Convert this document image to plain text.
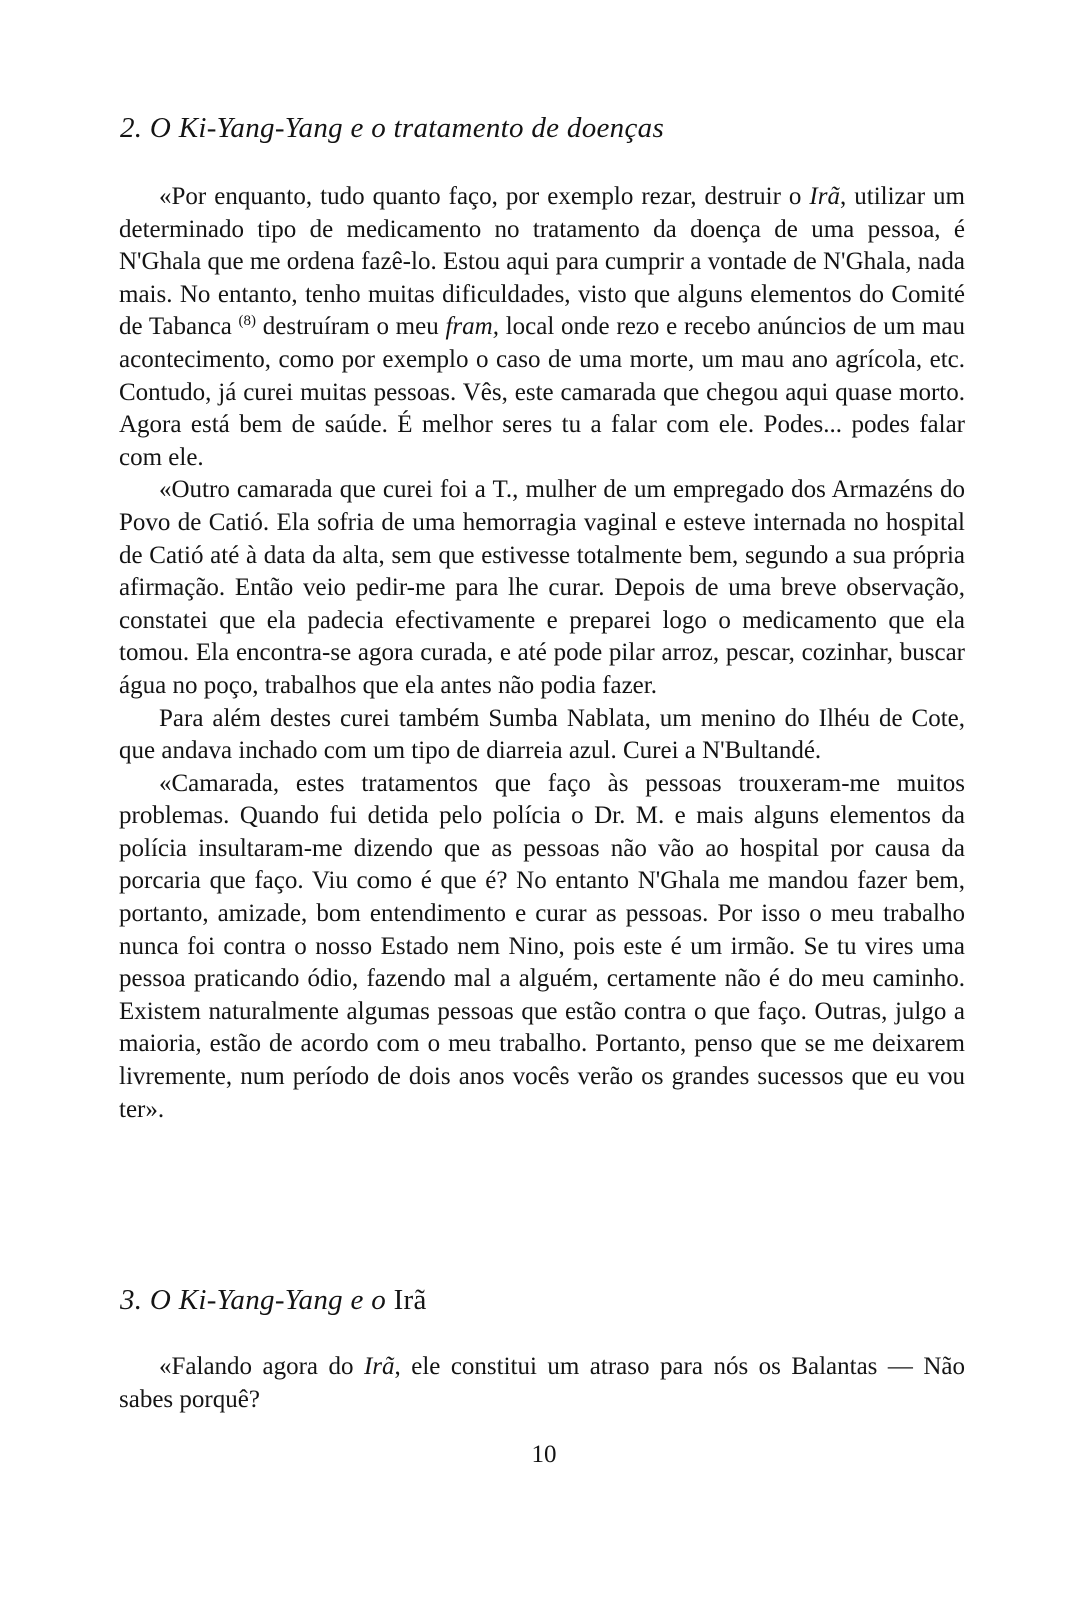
2. O Ki-Yang-Yang e o tratamento de doenças

«Por enquanto, tudo quanto faço, por exemplo rezar, destruir o Irã, utilizar um determinado tipo de medicamento no tratamento da doença de uma pessoa, é N'Ghala que me ordena fazê-lo. Estou aqui para cumprir a vontade de N'Ghala, nada mais. No entanto, tenho muitas dificuldades, visto que alguns elementos do Comité de Tabanca $^{(8)}$ destruíram o meu fram, local onde rezo e recebo anúncios de um mau acontecimento, como por exemplo o caso de uma morte, um mau ano agrícola, etc. Contudo, já curei muitas pessoas. Vês, este camarada que chegou aqui quase morto. Agora está bem de saúde. É melhor seres tu a falar com ele. Podes... podes falar com ele.

«Outro camarada que curei foi a T., mulher de um empregado dos Armazéns do Povo de Catió. Ela sofria de uma hemorragia vaginal e esteve internada no hospital de Catió até à data da alta, sem que estivesse totalmente bem, segundo a sua própria afirmação. Então veio pedir-me para lhe curar. Depois de uma breve observação, constatei que ela padecia efectivamente e preparei logo o medicamento que ela tomou. Ela encontra-se agora curada, e até pode pilar arroz, pescar, cozinhar, buscar água no poço, trabalhos que ela antes não podia fazer.

Para além destes curei também Sumba Nablata, um menino do Ilhéu de Cote, que andava inchado com um tipo de diarreia azul. Curei a N'Bultandé.

«Camarada, estes tratamentos que faço às pessoas trouxeram-me muitos problemas. Quando fui detida pelo polícia o Dr. M. e mais alguns elementos da polícia insultaram-me dizendo que as pessoas não vão ao hospital por causa da porcaria que faço. Viu como é que é? No entanto N'Ghala me mandou fazer bem, portanto, amizade, bom entendimento e curar as pessoas. Por isso o meu trabalho nunca foi contra o nosso Estado nem Nino, pois este é um irmão. Se tu vires uma pessoa praticando ódio, fazendo mal a alguém, certamente não é do meu caminho. Existem naturalmente algumas pessoas que estão contra o que faço. Outras, julgo a maioria, estão de acordo com o meu trabalho. Portanto, penso que se me deixarem livremente, num período de dois anos vocês verão os grandes sucessos que eu vou ter».

3. O Ki-Yang-Yang e o Irã

«Falando agora do Irã, ele constitui um atraso para nós os Balantas — Não sabes porquê?

10
